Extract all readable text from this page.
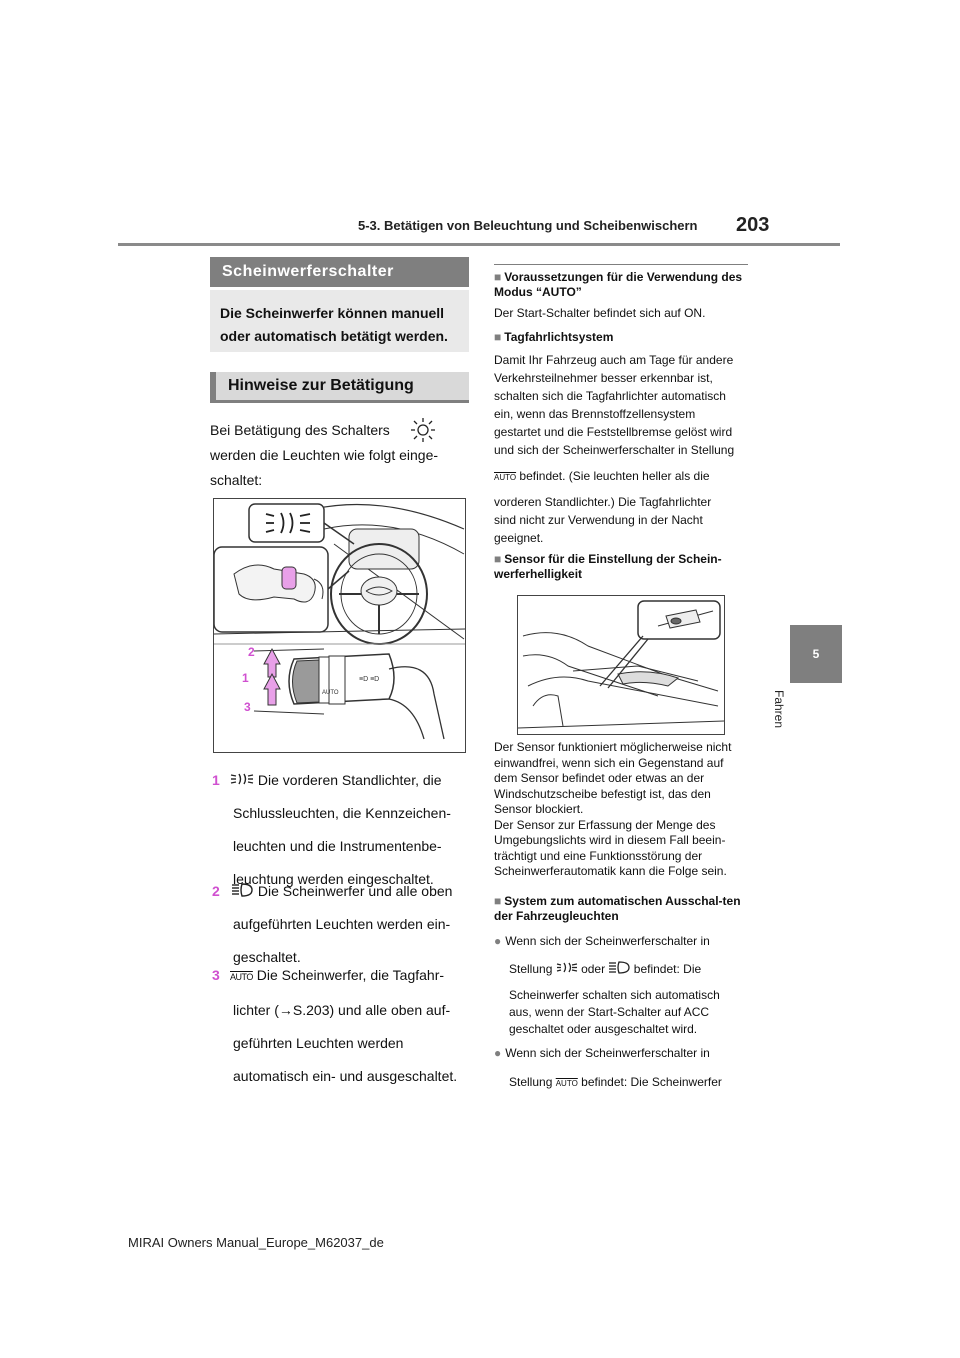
5-3. Betätigen von Beleuchtung und Scheibenwischern 203
5
Fahren
Scheinwerferschalter
Die Scheinwerfer können manuell oder automatisch betätigt werden.
Hinweise zur Betätigung
Bei Betätigung des Schalters
werden die Leuchten wie folgt einge-
schaltet:
AUTO
≡D ≡D
2
1
3
1	Die vorderen Standlichter, die
Schlussleuchten, die Kennzeichen-
leuchten und die Instrumentenbe-
leuchtung werden eingeschaltet.
2	Die Scheinwerfer und alle oben
aufgeführten Leuchten werden ein-
geschaltet.
3 AUTO Die Scheinwerfer, die Tagfahr-
lichter (→S.203) und alle oben auf-
geführten Leuchten werden
automatisch ein- und ausgeschaltet.
■ Voraussetzungen für die Verwendung des Modus “AUTO”
Der Start-Schalter befindet sich auf ON.
■ Tagfahrlichtsystem
Damit Ihr Fahrzeug auch am Tage für andere
Verkehrsteilnehmer besser erkennbar ist,
schalten sich die Tagfahrlichter automatisch
ein, wenn das Brennstoffzellensystem
gestartet und die Feststellbremse gelöst wird
und sich der Scheinwerferschalter in Stellung
AUTO befindet. (Sie leuchten heller als die
vorderen Standlichter.) Die Tagfahrlichter
sind nicht zur Verwendung in der Nacht
geeignet.
■ Sensor für die Einstellung der Schein-werferhelligkeit
Der Sensor funktioniert möglicherweise nicht
einwandfrei, wenn sich ein Gegenstand auf
dem Sensor befindet oder etwas an der
Windschutzscheibe befestigt ist, das den
Sensor blockiert.
Der Sensor zur Erfassung der Menge des
Umgebungslichts wird in diesem Fall beein-
trächtigt und eine Funktionsstörung der
Scheinwerferautomatik kann die Folge sein.
■ System zum automatischen Ausschal-ten der Fahrzeugleuchten
● Wenn sich der Scheinwerferschalter in
Stellung oder befindet: Die
Scheinwerfer schalten sich automatisch
aus, wenn der Start-Schalter auf ACC
geschaltet oder ausgeschaltet wird.
● Wenn sich der Scheinwerferschalter in
Stellung AUTO befindet: Die Scheinwerfer
MIRAI Owners Manual_Europe_M62037_de
